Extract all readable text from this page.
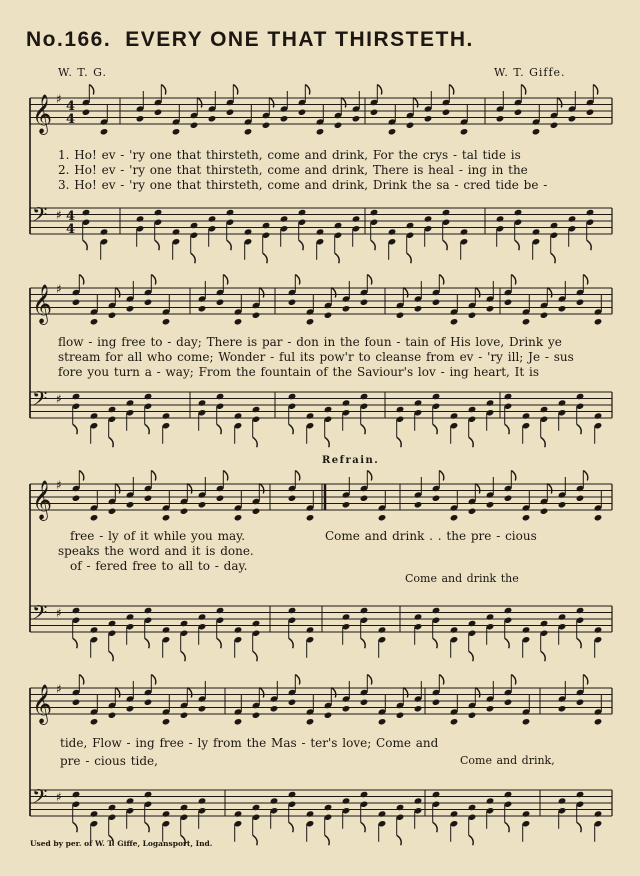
No.166. EVERY ONE THAT THIRSTETH.
W. T. G.	W. T. Giffe.
𝄞 ♯ 4
4
𝄢 ♯ 4
4
𝄞 ♯
𝄢 ♯
𝄞 ♯
𝄢 ♯
𝄞 ♯
𝄢 ♯
1. Ho! ev - 'ry one that thirsteth, come and drink, For the crys - tal tide is
2. Ho! ev - 'ry one that thirsteth, come and drink, There is heal - ing in the
3. Ho! ev - 'ry one that thirsteth, come and drink, Drink the sa - cred tide be -
flow - ing free to - day; There is par - don in the foun - tain of His love, Drink ye
stream for all who come; Wonder - ful its pow'r to cleanse from ev - 'ry ill; Je - sus
fore you turn a - way; From the fountain of the Saviour's lov - ing heart, It is
Refrain.
free - ly of it while you may.
speaks the word and it is done.
of - fered free to all to - day.
Come and drink . . the pre - cious
Come and drink the
tide, Flow - ing free - ly from the Mas - ter's love; Come and
pre - cious tide,	Come and drink,
Used by per. of W. T. Giffe, Logansport, Ind.
